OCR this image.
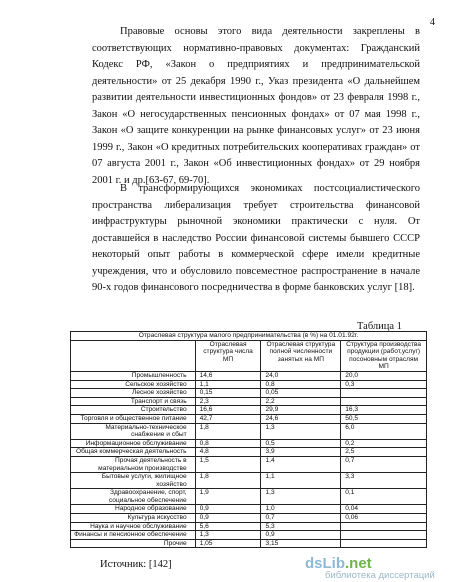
4

Правовые основы этого вида деятельности закреплены в соответствующих нормативно-правовых документах: Гражданский Кодекс РФ, «Закон о предприятиях и предпринимательской деятельности» от 25 декабря 1990 г., Указ президента «О дальнейшем развитии деятельности инвестиционных фондов» от 23 февраля 1998 г., Закон «О негосударственных пенсионных фондах» от 07 мая 1998 г., Закон «О защите конкуренции на рынке финансовых услуг» от 23 июня 1999 г., Закон «О кредитных потребительских кооперативах граждан» от 07 августа 2001 г., Закон «Об инвестиционных фондах» от 29 ноября 2001 г. и др.[63-67, 69-70].

В трансформирующихся экономиках постсоциалистического пространства либерализация требует строительства финансовой инфраструктуры рыночной экономики практически с нуля. От доставшейся в наследство России финансовой системы бывшего СССР некоторый опыт работы в коммерческой сфере имели кредитные учреждения, что и обусловило повсеместное распространение в начале 90-х годов финансового посредничества в форме банковских услуг [18].

Таблица 1
Отраслевая структура малого предпринимательства (в %) на 01.01.92г.			
	Отраслевая структура числа МП	Отраслевая структура полной численности занятых на МП	Структура производства продукции (работ,услуг) посоновным отраслям МП
Промышленность	14,6	24,0	20,0
Сельское хозяйство	1,1	0,8	0,3
Лесное хозяйство	0,15	0,05	
Транспорт и связь	2,3	2,2	
Строительство	16,6	29,9	16,3
Торговля и общественное питание	42,7	24,6	50,5
Материально-техническое снабжение и сбыт	1,8	1,3	6,0
Информационное обслуживание	0,8	0,5	0,2
Общая коммерческая деятельность	4,8	3,9	2,5
Прочая деятельность в материальном производстве	1,5	1,4	0,7
Бытовые услуги, жилищное хозяйство	1,8	1,1	3,3
Здравоохранение, спорт, социальное обеспечение	1,9	1,3	0,1
Народное образование	0,9	1,0	0,04
Культура искусство	0,9	0,7	0,06
Наука и научное обслуживание	5,6	5,3	
Финансы и пенсионное обеспечение	1,3	0,9	
Прочие	1,05	3,15	
Источник: [142]	dsLib.net
библиотека диссертаций
